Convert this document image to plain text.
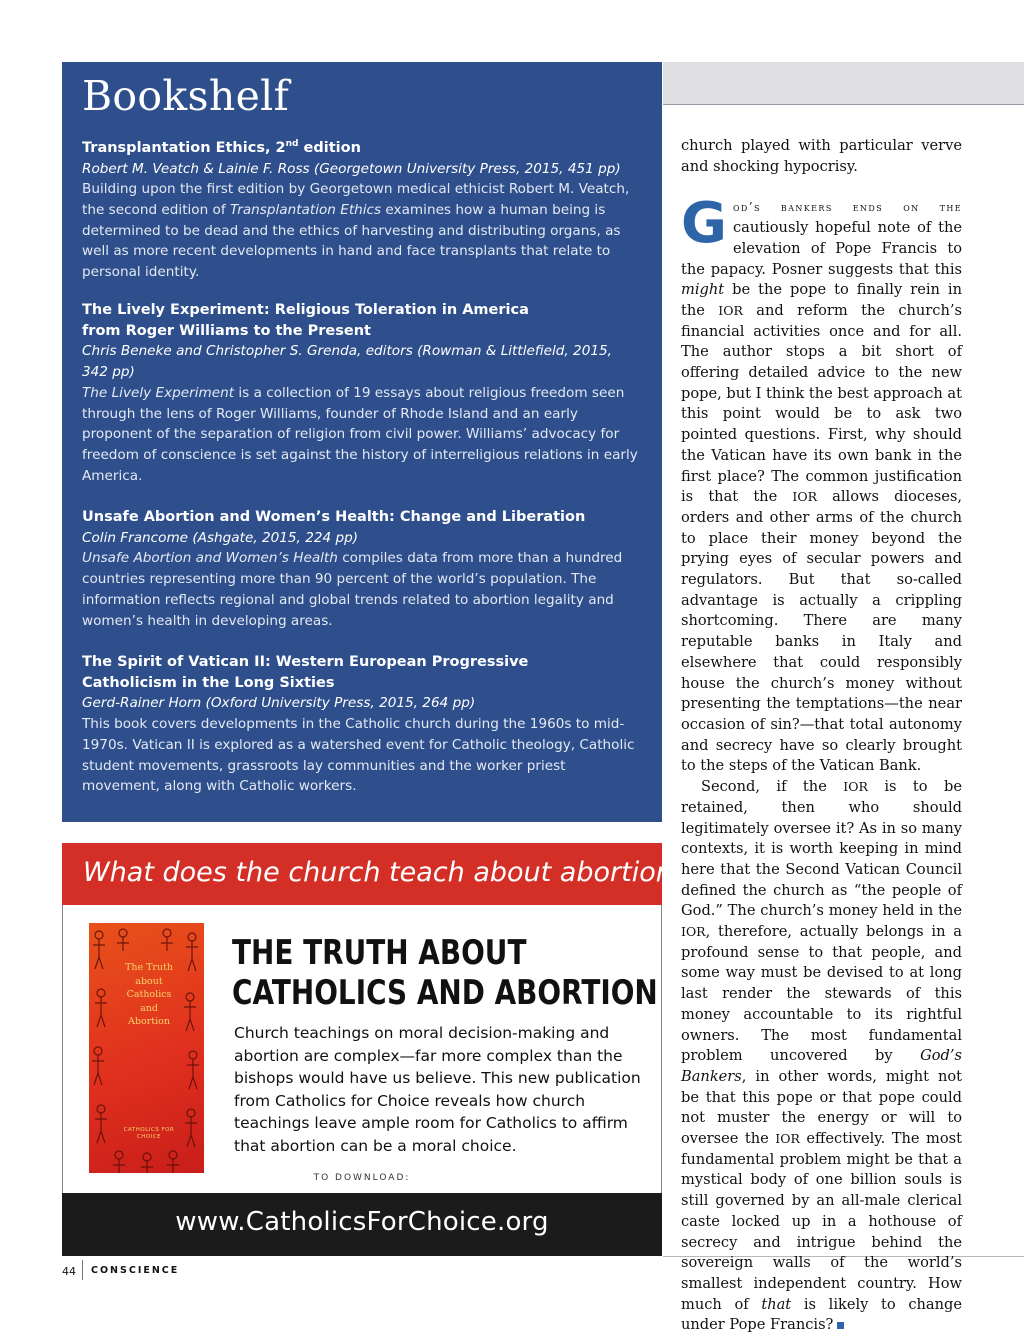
Bookshelf
Transplantation Ethics, 2nd edition
Robert M. Veatch & Lainie F. Ross (Georgetown University Press, 2015, 451 pp)
Building upon the first edition by Georgetown medical ethicist Robert M. Veatch, the second edition of Transplantation Ethics examines how a human being is determined to be dead and the ethics of harvesting and distributing organs, as well as more recent developments in hand and face transplants that relate to personal identity.
The Lively Experiment: Religious Toleration in America from Roger Williams to the Present
Chris Beneke and Christopher S. Grenda, editors (Rowman & Littlefield, 2015, 342 pp)
The Lively Experiment is a collection of 19 essays about religious freedom seen through the lens of Roger Williams, founder of Rhode Island and an early proponent of the separation of religion from civil power. Williams’ advocacy for freedom of conscience is set against the history of interreligious relations in early America.
Unsafe Abortion and Women’s Health: Change and Liberation
Colin Francome (Ashgate, 2015, 224 pp)
Unsafe Abortion and Women’s Health compiles data from more than a hundred countries representing more than 90 percent of the world’s population. The information reflects regional and global trends related to abortion legality and women’s health in developing areas.
The Spirit of Vatican II: Western European Progressive Catholicism in the Long Sixties
Gerd-Rainer Horn (Oxford University Press, 2015, 264 pp)
This book covers developments in the Catholic church during the 1960s to mid-1970s. Vatican II is explored as a watershed event for Catholic theology, Catholic student movements, grassroots lay communities and the worker priest movement, along with Catholic workers.
What does the church teach about abortion?
The Truth about Catholics and Abortion
CATHOLICS FOR CHOICE
THE TRUTH ABOUT
CATHOLICS AND ABORTION
Church teachings on moral decision-making and abortion are complex—far more complex than the bishops would have us believe. This new publication from Catholics for Choice reveals how church teachings leave ample room for Catholics to affirm that abortion can be a moral choice.
TO DOWNLOAD:
www.CatholicsForChoice.org
44 CONSCIENCE

church played with particular verve and shocking hypocrisy.

God’s bankers ends on the cautiously hopeful note of the elevation of Pope Francis to the papacy. Posner suggests that this might be the pope to finally rein in the IOR and reform the church’s financial activities once and for all. The author stops a bit short of offering detailed advice to the new pope, but I think the best approach at this point would be to ask two pointed questions. First, why should the Vatican have its own bank in the first place? The common justification is that the IOR allows dioceses, orders and other arms of the church to place their money beyond the prying eyes of secular powers and regulators. But that so-called advantage is actually a crippling shortcoming. There are many reputable banks in Italy and elsewhere that could responsibly house the church’s money without presenting the temptations—the near occasion of sin?—that total autonomy and secrecy have so clearly brought to the steps of the Vatican Bank.

Second, if the IOR is to be retained, then who should legitimately oversee it? As in so many contexts, it is worth keeping in mind here that the Second Vatican Council defined the church as “the people of God.” The church’s money held in the IOR, therefore, actually belongs in a profound sense to that people, and some way must be devised to at long last render the stewards of this money accountable to its rightful owners. The most fundamental problem uncovered by God’s Bankers, in other words, might not be that this pope or that pope could not muster the energy or will to oversee the IOR effectively. The most fundamental problem might be that a mystical body of one billion souls is still governed by an all-male clerical caste locked up in a hothouse of secrecy and intrigue behind the sovereign walls of the world’s smallest independent country. How much of that is likely to change under Pope Francis?
